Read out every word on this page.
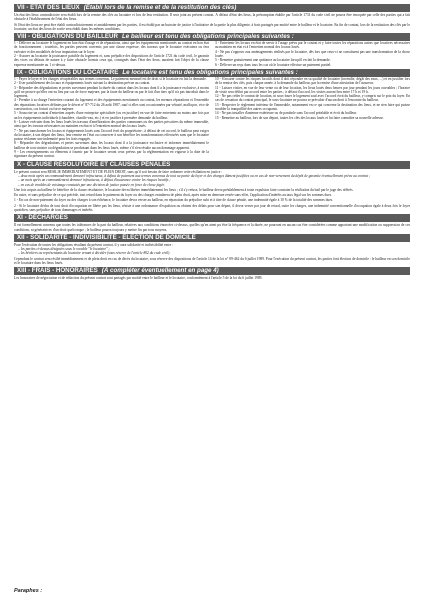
VII - ÉTAT DES LIEUX (Établi lors de la remise et de la restitution des clés)

Un état des lieux contradictoire sera établi lors de la remise des clés au locataire et lors de leur restitution. Il sera joint au présent contrat. À défaut d'état des lieux, la présomption établie par l'article 1731 du code civil ne pourra être invoquée par celle des parties qui a fait obstacle à l'établissement de l'état des lieux.

Si l'état des lieux ne peut être établi contradictoirement et amiablement par les parties, il est établi par un huissier de justice à l'initiative de la partie la plus diligente, à frais partagés par moitié entre le bailleur et le locataire. En fin de contrat, lors de la restitution des clés par le locataire, un état des lieux de sortie sera établi dans les mêmes conditions.

VIII - OBLIGATIONS DU BAILLEUR Le bailleur est tenu des obligations principales suivantes :

1 - Délivrer au locataire le logement en bon état d'usage et de réparations, ainsi que les équipements mentionnés au contrat en bon état de fonctionnement ; toutefois, les parties peuvent convenir, par une clause expresse, des travaux que le locataire exécutera ou fera exécuter et des modalités de leur imputation sur le loyer.

2 - Assurer au locataire la jouissance paisible du logement et, sans préjudice des dispositions de l'article 1721 du code civil, le garantir des vices ou défauts de nature à y faire obstacle hormis ceux qui, consignés dans l'état des lieux, auraient fait l'objet de la clause expresse mentionnée au 1 ci-dessus.

3 - Entretenir les locaux en état de servir à l'usage prévu par le contrat et y faire toutes les réparations autres que locatives nécessaires au maintien en état et à l'entretien normal des locaux loués.

4 - Ne pas s'opposer aux aménagements réalisés par le locataire, dès lors que ceux-ci ne constituent pas une transformation de la chose louée.

5 - Remettre gratuitement une quittance au locataire lorsqu'il en fait la demande.

6 - Délivrer un reçu dans tous les cas où le locataire effectue un paiement partiel.

IX - OBLIGATIONS DU LOCATAIRE Le locataire est tenu des obligations principales suivantes :

1 - Payer le loyer et les charges récupérables aux termes convenus. Le paiement mensuel est de droit si le locataire en fait la demande.

2 - User paisiblement des locaux et équipements loués suivant la destination prévue au contrat.

3 - Répondre des dégradations et pertes survenant pendant la durée du contrat dans les locaux dont il a la jouissance exclusive, à moins qu'il ne prouve qu'elles ont eu lieu par cas de force majeure, par la faute du bailleur ou par le fait d'un tiers qu'il n'a pas introduit dans le logement.

4 - Prendre à sa charge l'entretien courant du logement et des équipements mentionnés au contrat, les menues réparations et l'ensemble des réparations locatives définies par le décret n° 87-712 du 26 août 1987, sauf si elles sont occasionnées par vétusté, malfaçon, vice de construction, cas fortuit ou force majeure.

5 - Souscrire un contrat d'entretien auprès d'une entreprise spécialisée (ou en justifier) en vue de faire entretenir au moins une fois par an les équipements individuels (chaudière, chauffe-eau, etc.) et en justifier à première demande du bailleur.

6 - Laisser exécuter dans les lieux loués les travaux d'amélioration des parties communes ou des parties privatives du même immeuble, ainsi que les travaux nécessaires au maintien en état et à l'entretien normal des locaux loués.

7 - Ne pas transformer les locaux et équipements loués sans l'accord écrit du propriétaire ; à défaut de cet accord, le bailleur peut exiger du locataire, à son départ des lieux, leur remise en l'état ou conserver à son bénéfice les transformations effectuées sans que le locataire puisse réclamer une indemnité pour les frais engagés.

8 - Répondre des dégradations et pertes survenues dans les locaux dont il a la jouissance exclusive et informer immédiatement le bailleur de tout sinistre ou dégradation se produisant dans les lieux loués, même s'il n'en résulte aucun dommage apparent.

9 - Les renseignements ou éléments à fournir par le locataire seront ceux prévus par la réglementation en vigueur à la date de la signature du présent contrat.

10 - S'assurer contre les risques locatifs dont il doit répondre en sa qualité de locataire (incendie, dégât des eaux, ...) et en justifier lors de la remise des clés, puis chaque année, à la demande du bailleur, par la remise d'une attestation de l'assureur.

11 - Laisser visiter, en vue de leur vente ou de leur location, les lieux loués deux heures par jour pendant les jours ouvrables ; l'horaire de visite sera défini par accord entre les parties ; à défaut d'accord, les visites auront lieu entre 17 h et 19 h.

12 - Ne pas céder le contrat de location, ni sous-louer le logement sauf avec l'accord écrit du bailleur, y compris sur le prix du loyer. En cas de cessation du contrat principal, le sous-locataire ne pourra se prévaloir d'aucun droit à l'encontre du bailleur.

13 - Respecter le règlement intérieur de l'immeuble, notamment en ce qui concerne la destination des lieux, et ne rien faire qui puisse troubler la tranquillité des autres occupants.

14 - Ne pas installer d'antenne extérieure ou de parabole sans l'accord préalable et écrit du bailleur.

15 - Remettre au bailleur, lors de son départ, toutes les clés des locaux loués et lui faire connaître sa nouvelle adresse.

X - CLAUSE RÉSOLUTOIRE ET CLAUSES PÉNALES

Le présent contrat sera RÉSILIÉ IMMÉDIATEMENT ET DE PLEIN DROIT, sans qu'il soit besoin de faire ordonner cette résiliation en justice :

– deux mois après un commandement demeuré infructueux, à défaut de paiement aux termes convenus de tout ou partie du loyer et des charges dûment justifiées ou en cas de non-versement du dépôt de garantie éventuellement prévu au contrat ;

– un mois après un commandement demeuré infructueux, à défaut d'assurance contre les risques locatifs ;

– en cas de troubles de voisinage constatés par une décision de justice passée en force de chose jugée.

Une fois acquis au bailleur le bénéfice de la clause résolutoire, le locataire devra libérer immédiatement les lieux ; s'il s'y refuse, le bailleur devra préalablement à toute expulsion faire constater la résiliation du bail par le juge des référés.

En outre, et sans préjudice de ce qui précède, tout retard dans le paiement du loyer ou des charges entraînera de plein droit, après mise en demeure restée sans effet, l'application d'intérêts au taux légal sur les sommes dues.

1 - En cas de non-paiement du loyer ou des charges à son échéance, le locataire devra verser au bailleur, en réparation du préjudice subi et à titre de clause pénale, une indemnité égale à 10 % de la totalité des sommes dues.

2 - Si le locataire déchu de tout droit d'occupation ne libère pas les lieux, résiste à une ordonnance d'expulsion ou obtient des délais pour son départ, il devra verser par jour de retard, outre les charges, une indemnité conventionnelle d'occupation égale à deux fois le loyer quotidien, sans préjudice de tous dommages et intérêts.

XI - DÉCHARGES

Il est formellement convenu que toutes les tolérances de la part du bailleur, relatives aux conditions énoncées ci-dessus, quelles qu'en aient pu être la fréquence et la durée, ne pourront en aucun cas être considérées comme apportant une modification ou suppression de ces conditions, ni génératrices d'un droit quelconque ; le bailleur pourra toujours y mettre fin par tous moyens.

XII - SOLIDARITÉ - INDIVISIBILITÉ - ÉLECTION DE DOMICILE

Pour l'exécution de toutes les obligations résultant du présent contrat, il y aura solidarité et indivisibilité entre :

– les parties ci-dessus désignées sous le vocable "le locataire" ;

– les héritiers ou représentants du locataire venant à décéder (sous réserve de l'article 802 du code civil).

Cependant le contrat sera résilié immédiatement et de plein droit en cas de décès du locataire, sous réserve des dispositions de l'article 14 de la loi n° 89-462 du 6 juillet 1989. Pour l'exécution du présent contrat, les parties font élection de domicile : le bailleur en son domicile et le locataire dans les lieux loués.

XIII - FRAIS - HONORAIRES (À compléter éventuellement en page 4)

Les honoraires de négociation et de rédaction du présent contrat sont partagés par moitié entre le bailleur et le locataire, conformément à l'article 5 de la loi du 6 juillet 1989.

Paraphes :
